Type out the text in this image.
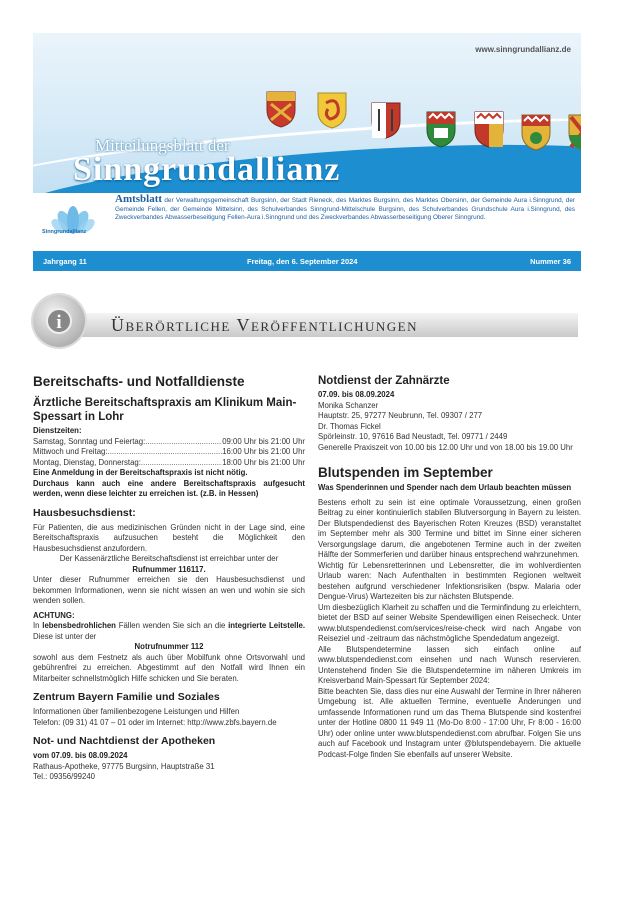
www.sinngrundallianz.de
Mitteilungsblatt der
Sinngrundallianz
Sinngrundallianz
Amtsblatt der Verwaltungsgemeinschaft Burgsinn, der Stadt Rieneck, des Marktes Burgsinn, des Marktes Obersinn, der Gemeinde Aura i.Sinngrund, der Gemeinde Fellen, der Gemeinde Mittelsinn, des Schulverbandes Sinngrund-Mittelschule Burgsinn, des Schulverbandes Grundschule Aura i.Sinngrund, des Zweckverbandes Abwasserbeseitigung Fellen-Aura i.Sinngrund und des Zweckverbandes Abwasserbeseitigung Oberer Sinngrund.
Jahrgang 11	Freitag, den 6. September 2024	Nummer 36
i	Überörtliche Veröffentlichungen
Bereitschafts- und Notfalldienste
Ärztliche Bereitschaftspraxis am Klinikum Main-Spessart in Lohr

Dienstzeiten:

Samstag, Sonntag und Feiertag: .....	09:00 Uhr bis 21:00 Uhr
Mittwoch und Freitag: .....	16:00 Uhr bis 21:00 Uhr
Montag, Dienstag, Donnerstag: .....	18:00 Uhr bis 21:00 Uhr

Eine Anmeldung in der Bereitschaftspraxis ist nicht nötig.

Durchaus kann auch eine andere Bereitschaftspraxis aufgesucht werden, wenn diese leichter zu erreichen ist. (z.B. in Hessen)

Hausbesuchsdienst:

Für Patienten, die aus medizinischen Gründen nicht in der Lage sind, eine Bereitschaftspraxis aufzusuchen besteht die Möglichkeit den Hausbesuchsdienst anzufordern.

Der Kassenärztliche Bereitschaftsdienst ist erreichbar unter der

Rufnummer 116117.

Unter dieser Rufnummer erreichen sie den Hausbesuchsdienst und bekommen Informationen, wenn sie nicht wissen an wen und wohin sie sich wenden sollen.

ACHTUNG:

In lebensbedrohlichen Fällen wenden Sie sich an die integrierte Leitstelle. Diese ist unter der

Notrufnummer 112

sowohl aus dem Festnetz als auch über Mobilfunk ohne Ortsvorwahl und gebührenfrei zu erreichen. Abgestimmt auf den Notfall wird Ihnen ein Mitarbeiter schnellstmöglich Hilfe schicken und Sie beraten.

Zentrum Bayern Familie und Soziales

Informationen über familienbezogene Leistungen und Hilfen

Telefon: (09 31) 41 07 – 01 oder im Internet: http://www.zbfs.bayern.de

Not- und Nachtdienst der Apotheken

vom 07.09. bis 08.09.2024

Rathaus-Apotheke, 97775 Burgsinn, Hauptstraße 31

Tel.: 09356/99240

Notdienst der Zahnärzte

07.09. bis 08.09.2024

Monika Schanzer

Hauptstr. 25, 97277 Neubrunn, Tel. 09307 / 277

Dr. Thomas Fickel

Spörleinstr. 10, 97616 Bad Neustadt, Tel. 09771 / 2449

Generelle Praxiszeit von 10.00 bis 12.00 Uhr und von 18.00 bis 19.00 Uhr

Blutspenden im September

Was Spenderinnen und Spender nach dem Urlaub beachten müssen

Bestens erholt zu sein ist eine optimale Voraussetzung, einen großen Beitrag zu einer kontinuierlich stabilen Blutversorgung in Bayern zu leisten. Der Blutspendedienst des Bayerischen Roten Kreuzes (BSD) veranstaltet im September mehr als 300 Termine und bittet im Sinne einer sicheren Versorgungslage darum, die angebotenen Termine auch in der zweiten Hälfte der Sommerferien und darüber hinaus entsprechend wahrzunehmen.

Wichtig für Lebensretterinnen und Lebensretter, die im wohlverdienten Urlaub waren: Nach Aufenthalten in bestimmten Regionen weltweit bestehen aufgrund verschiedener Infektionsrisiken (bspw. Malaria oder Dengue-Virus) Wartezeiten bis zur nächsten Blutspende.

Um diesbezüglich Klarheit zu schaffen und die Terminfindung zu erleichtern, bietet der BSD auf seiner Website Spendewilligen einen Reisecheck. Unter www.blutspendedienst.com/services/reise-check wird nach Angabe von Reiseziel und -zeitraum das nächstmögliche Spendedatum angezeigt.

Alle Blutspendetermine lassen sich einfach online auf www.blutspendedienst.com einsehen und nach Wunsch reservieren. Untenstehend finden Sie die Blutspendetermine im näheren Umkreis im Kreisverband Main-Spessart für September 2024:

Bitte beachten Sie, dass dies nur eine Auswahl der Termine in Ihrer näheren Umgebung ist. Alle aktuellen Termine, eventuelle Änderungen und umfassende Informationen rund um das Thema Blutspende sind kostenfrei unter der Hotline 0800 11 949 11 (Mo-Do 8:00 - 17:00 Uhr, Fr 8:00 - 16:00 Uhr) oder online unter www.blutspendedienst.com abrufbar. Folgen Sie uns auch auf Facebook und Instagram unter @blutspendebayern. Die aktuelle Podcast-Folge finden Sie ebenfalls auf unserer Website.
